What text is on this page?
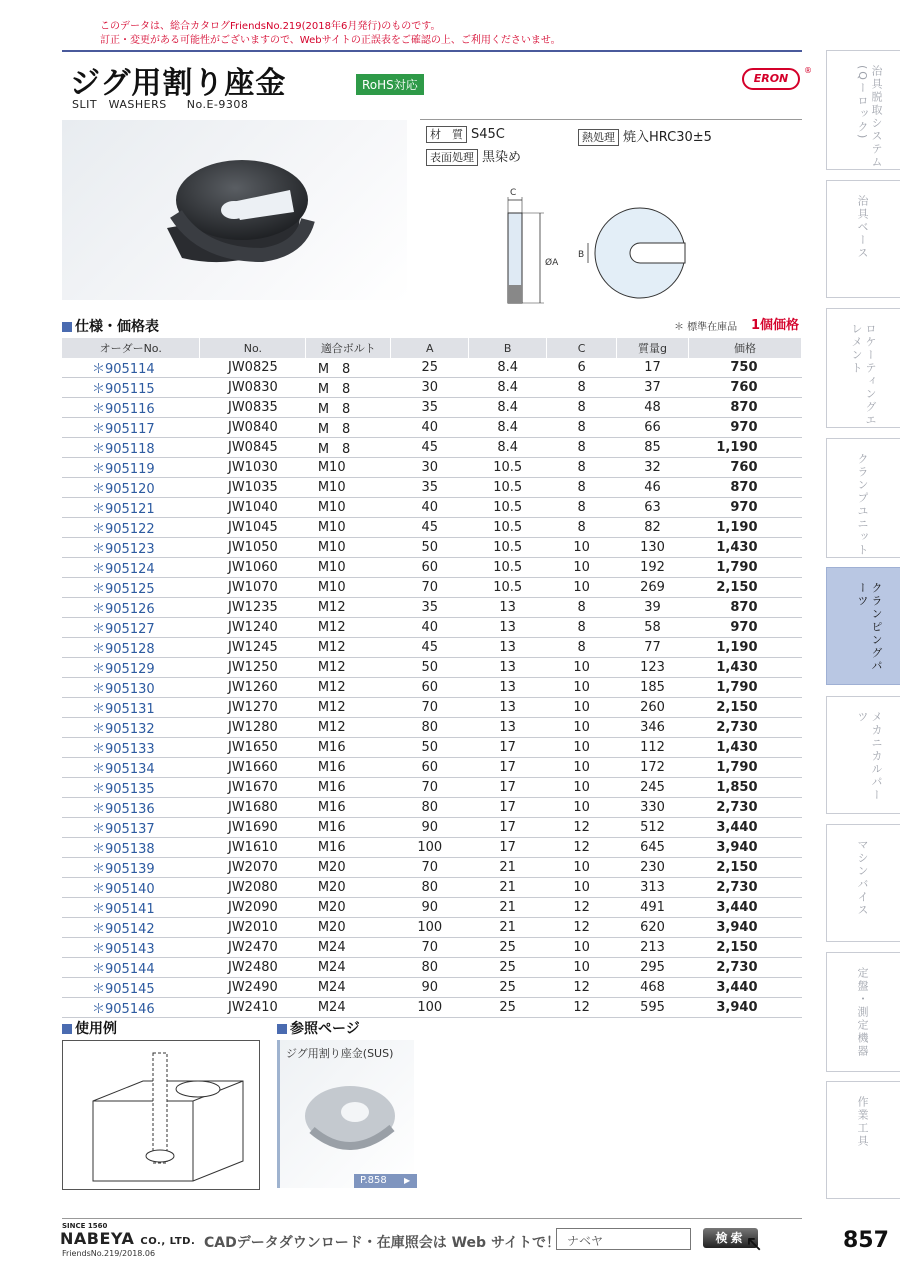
このデータは、総合カタログFriendsNo.219(2018年6月発行)のものです。
訂正・変更がある可能性がございますので、Webサイトの正誤表をご確認の上、ご利用くださいませ。
ジグ用割り座金	RoHS対応
SLIT　WASHERS No.E-9308
ERON
®
材　質 S45C	熱処理 焼入HRC30±5
表面処理 黒染め
C
ØA
B
仕様・価格表	＊ 標準在庫品 1個価格
オーダーNo.	No.	適合ボルト	A	B	C	質量g	価格
＊905114	JW0825	M　8	25	8.4	6	17	750
＊905115	JW0830	M　8	30	8.4	8	37	760
＊905116	JW0835	M　8	35	8.4	8	48	870
＊905117	JW0840	M　8	40	8.4	8	66	970
＊905118	JW0845	M　8	45	8.4	8	85	1,190
＊905119	JW1030	M10	30	10.5	8	32	760
＊905120	JW1035	M10	35	10.5	8	46	870
＊905121	JW1040	M10	40	10.5	8	63	970
＊905122	JW1045	M10	45	10.5	8	82	1,190
＊905123	JW1050	M10	50	10.5	10	130	1,430
＊905124	JW1060	M10	60	10.5	10	192	1,790
＊905125	JW1070	M10	70	10.5	10	269	2,150
＊905126	JW1235	M12	35	13	8	39	870
＊905127	JW1240	M12	40	13	8	58	970
＊905128	JW1245	M12	45	13	8	77	1,190
＊905129	JW1250	M12	50	13	10	123	1,430
＊905130	JW1260	M12	60	13	10	185	1,790
＊905131	JW1270	M12	70	13	10	260	2,150
＊905132	JW1280	M12	80	13	10	346	2,730
＊905133	JW1650	M16	50	17	10	112	1,430
＊905134	JW1660	M16	60	17	10	172	1,790
＊905135	JW1670	M16	70	17	10	245	1,850
＊905136	JW1680	M16	80	17	10	330	2,730
＊905137	JW1690	M16	90	17	12	512	3,440
＊905138	JW1610	M16	100	17	12	645	3,940
＊905139	JW2070	M20	70	21	10	230	2,150
＊905140	JW2080	M20	80	21	10	313	2,730
＊905141	JW2090	M20	90	21	12	491	3,440
＊905142	JW2010	M20	100	21	12	620	3,940
＊905143	JW2470	M24	70	25	10	213	2,150
＊905144	JW2480	M24	80	25	10	295	2,730
＊905145	JW2490	M24	90	25	12	468	3,440
＊905146	JW2410	M24	100	25	12	595	3,940
使用例	参照ページ
ジグ用割り座金(SUS)
P.858 ▶
治具脱取システム(Qーロック)
治具ベース
ロケーティングエレメント
クランプユニット
クランピングパーツ
メカニカルパーツ
マシンバイス
定盤・測定機器
作業工具
SINCE 1560
NABEYA CO., LTD.
FriendsNo.219/2018.06
CADデータダウンロード・在庫照会は Web サイトで！ ナベヤ	検索 ↖	857
